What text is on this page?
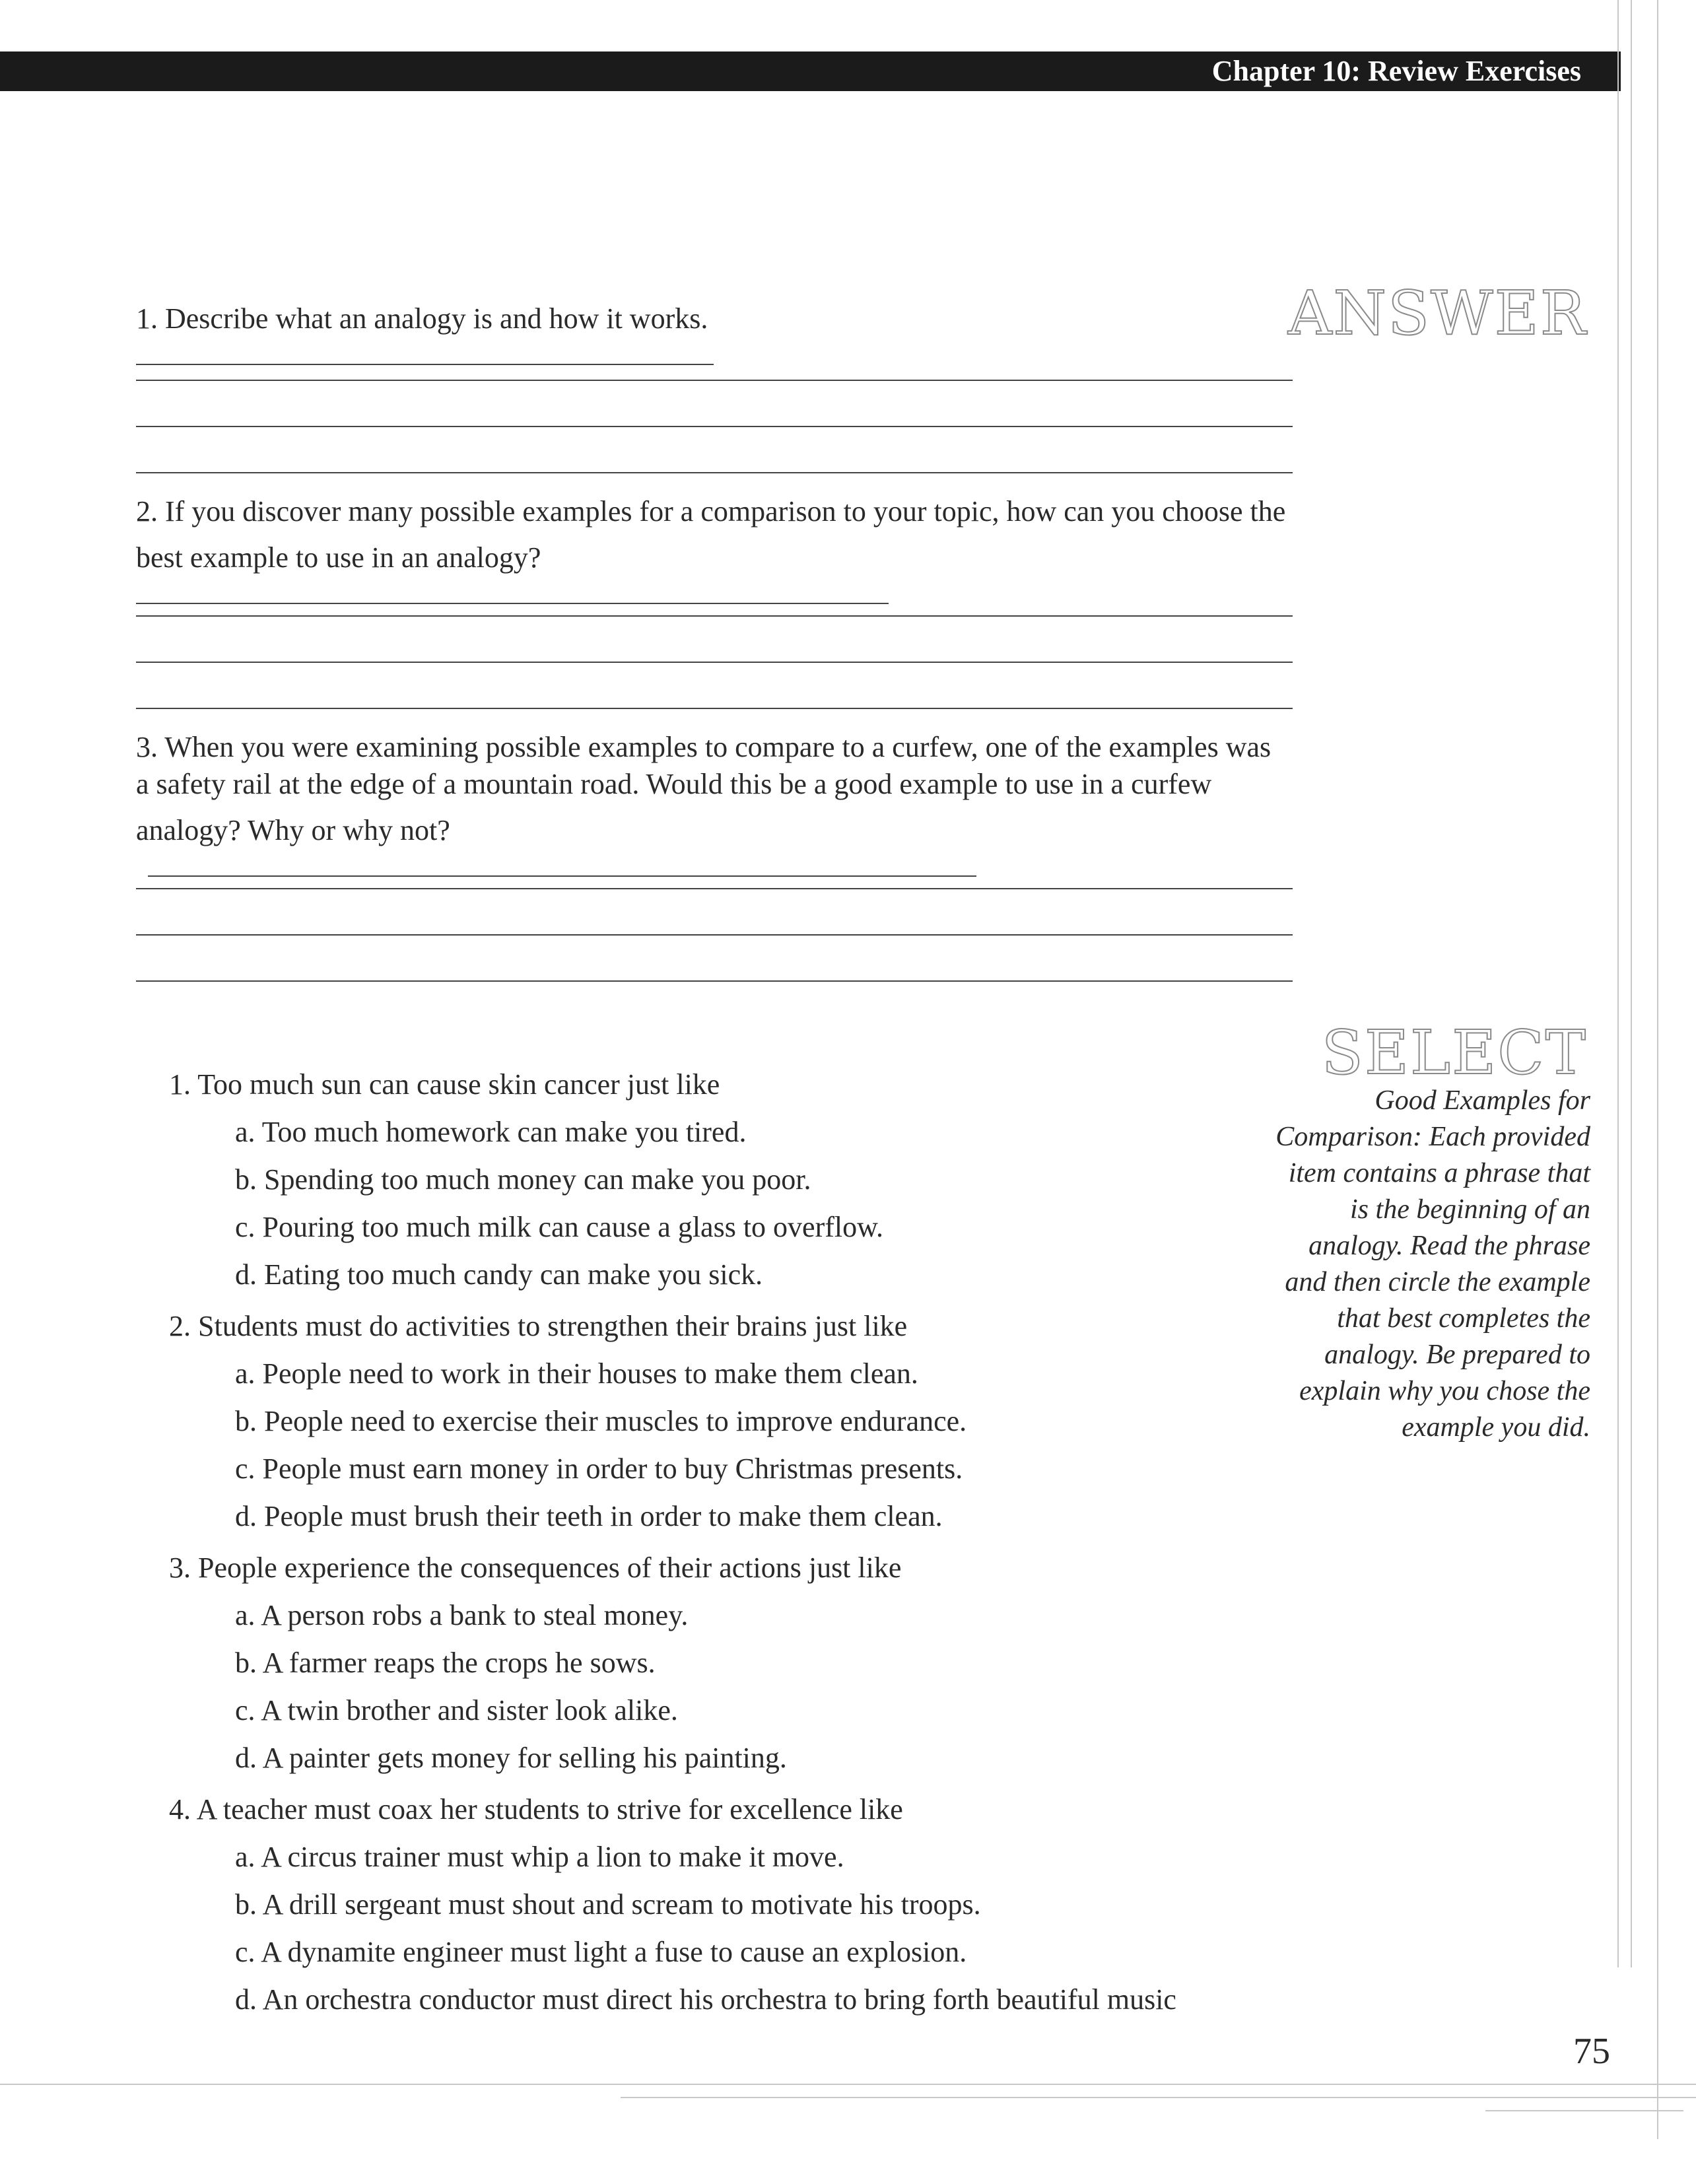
Chapter 10: Review Exercises
ANSWER
1. Describe what an analogy is and how it works.
2. If you discover many possible examples for a comparison to your topic, how can you choose the
best example to use in an analogy?
3. When you were examining possible examples to compare to a curfew, one of the examples was
a safety rail at the edge of a mountain road. Would this be a good example to use in a curfew
analogy? Why or why not?
SELECT
Good Examples for Comparison: Each provided item contains a phrase that is the beginning of an analogy. Read the phrase and then circle the example that best completes the analogy. Be prepared to explain why you chose the example you did.

1. Too much sun can cause skin cancer just like

a. Too much homework can make you tired.

b. Spending too much money can make you poor.

c. Pouring too much milk can cause a glass to overflow.

d. Eating too much candy can make you sick.

2. Students must do activities to strengthen their brains just like

a. People need to work in their houses to make them clean.

b. People need to exercise their muscles to improve endurance.

c. People must earn money in order to buy Christmas presents.

d. People must brush their teeth in order to make them clean.

3. People experience the consequences of their actions just like

a. A person robs a bank to steal money.

b. A farmer reaps the crops he sows.

c. A twin brother and sister look alike.

d. A painter gets money for selling his painting.

4. A teacher must coax her students to strive for excellence like

a. A circus trainer must whip a lion to make it move.

b. A drill sergeant must shout and scream to motivate his troops.

c. A dynamite engineer must light a fuse to cause an explosion.

d. An orchestra conductor must direct his orchestra to bring forth beautiful music

75
